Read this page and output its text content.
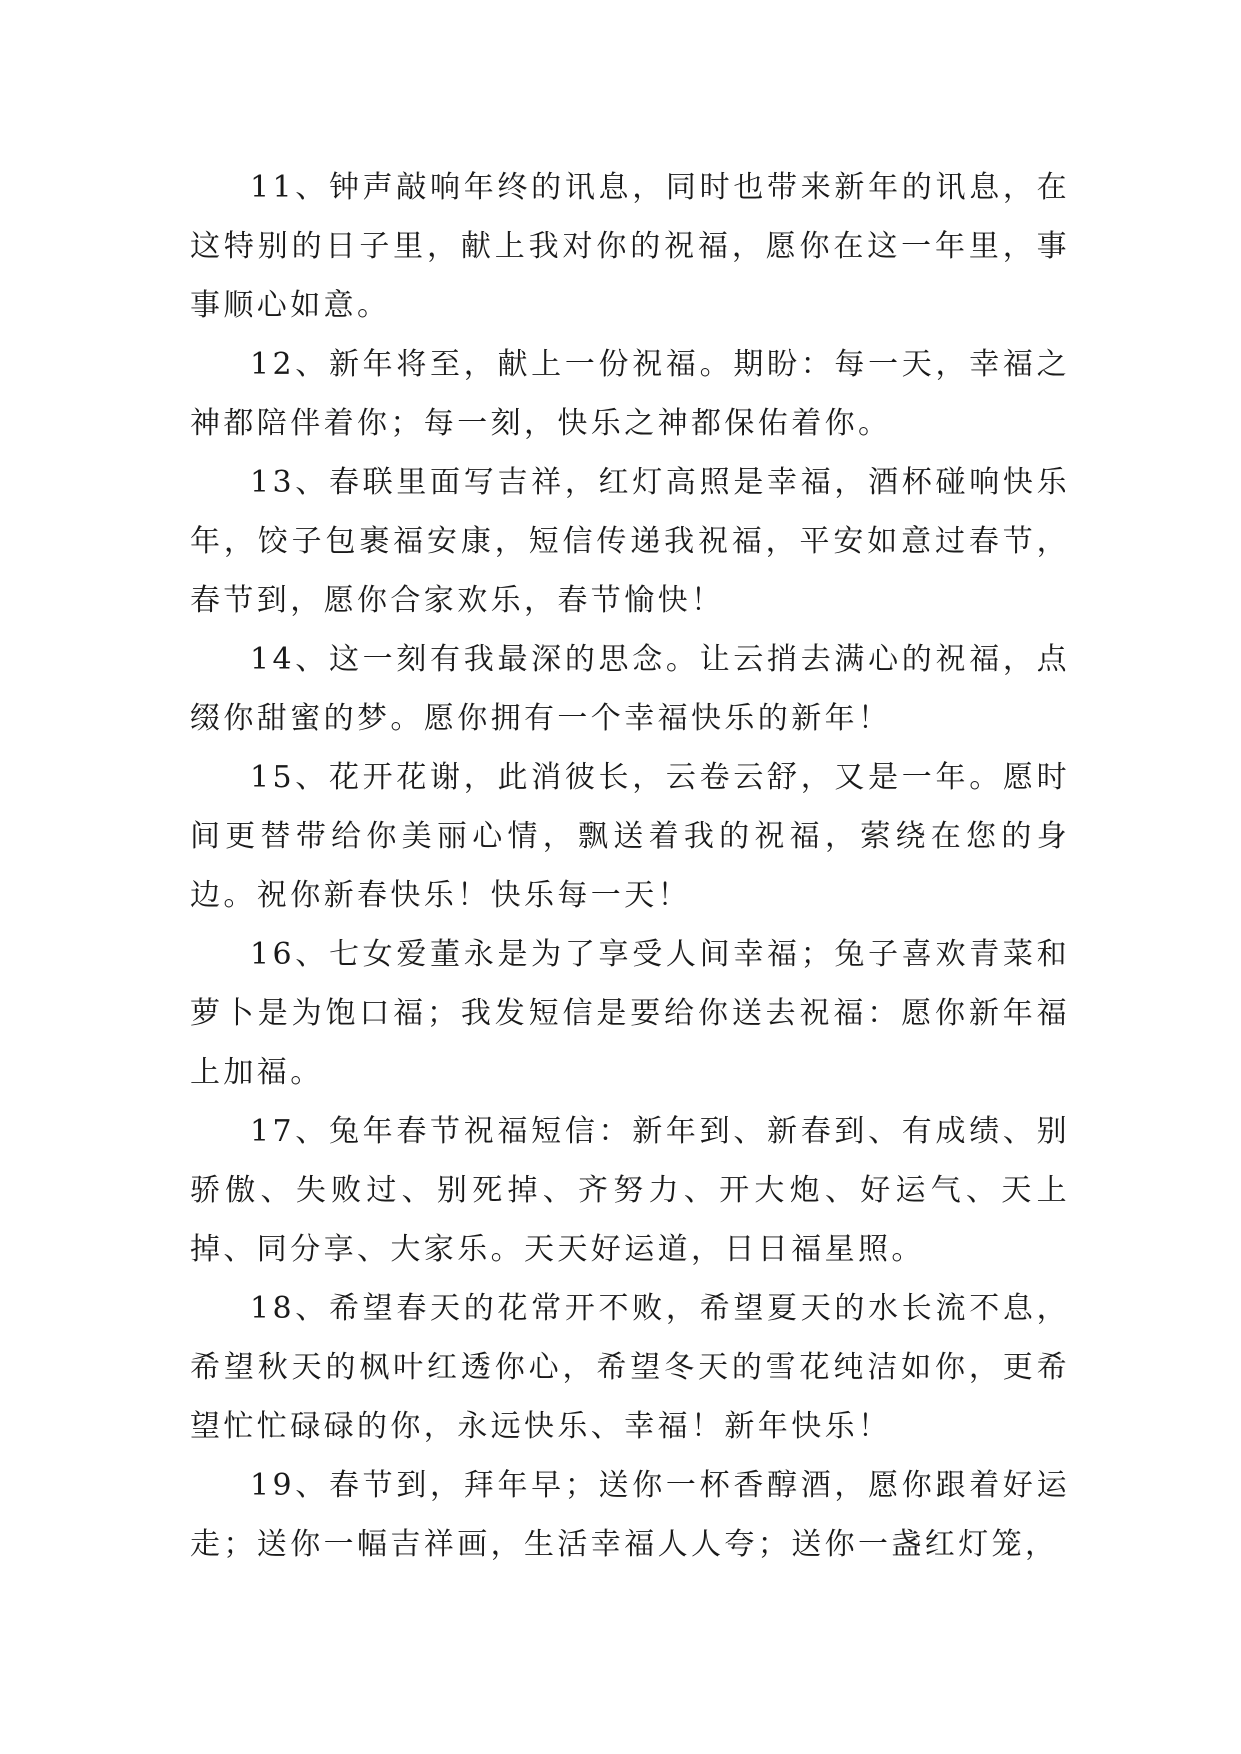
11、钟声敲响年终的讯息，同时也带来新年的讯息，在这特别的日子里，献上我对你的祝福，愿你在这一年里，事事顺心如意。

12、新年将至，献上一份祝福。期盼：每一天，幸福之神都陪伴着你；每一刻，快乐之神都保佑着你。

13、春联里面写吉祥，红灯高照是幸福，酒杯碰响快乐年，饺子包裹福安康，短信传递我祝福，平安如意过春节，春节到，愿你合家欢乐，春节愉快！

14、这一刻有我最深的思念。让云捎去满心的祝福，点缀你甜蜜的梦。愿你拥有一个幸福快乐的新年！

15、花开花谢，此消彼长，云卷云舒，又是一年。愿时间更替带给你美丽心情，飘送着我的祝福，萦绕在您的身边。祝你新春快乐！快乐每一天！

16、七女爱董永是为了享受人间幸福；兔子喜欢青菜和萝卜是为饱口福；我发短信是要给你送去祝福：愿你新年福上加福。

17、兔年春节祝福短信：新年到、新春到、有成绩、别骄傲、失败过、别死掉、齐努力、开大炮、好运气、天上掉、同分享、大家乐。天天好运道，日日福星照。

18、希望春天的花常开不败，希望夏天的水长流不息，希望秋天的枫叶红透你心，希望冬天的雪花纯洁如你，更希望忙忙碌碌的你，永远快乐、幸福！新年快乐！

19、春节到，拜年早；送你一杯香醇酒，愿你跟着好运走；送你一幅吉祥画，生活幸福人人夸；送你一盏红灯笼，
